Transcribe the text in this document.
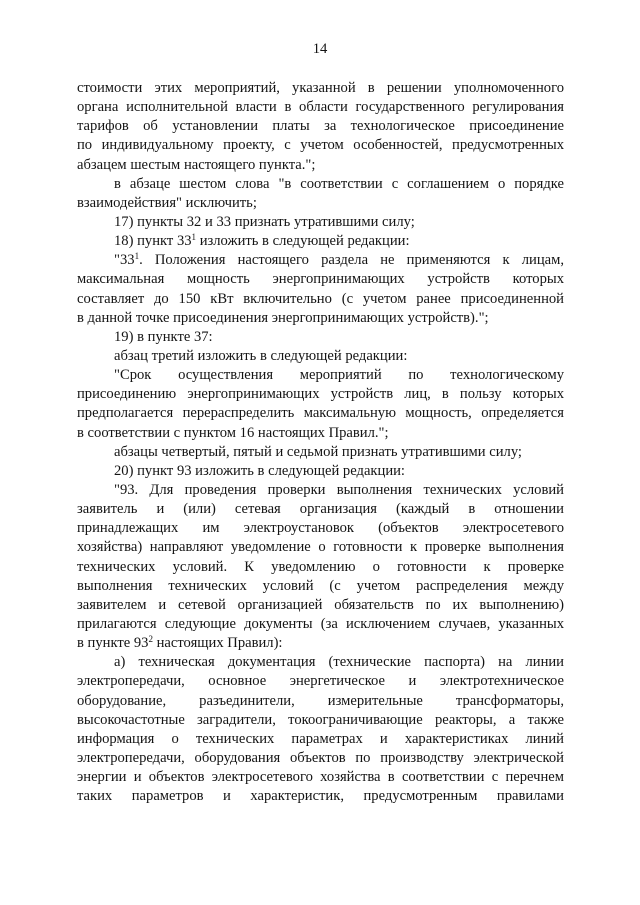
14
стоимости этих мероприятий, указанной в решении уполномоченного
органа исполнительной власти в области государственного регулирования
тарифов об установлении платы за технологическое присоединение
по индивидуальному проекту, с учетом особенностей, предусмотренных
абзацем шестым настоящего пункта.";
в абзаце шестом слова "в соответствии с соглашением о порядке
взаимодействия" исключить;
17) пункты 32 и 33 признать утратившими силу;
18) пункт $33^1$ изложить в следующей редакции:
"$33^1$. Положения настоящего раздела не применяются к лицам,
максимальная мощность энергопринимающих устройств которых
составляет до 150 кВт включительно (с учетом ранее присоединенной
в данной точке присоединения энергопринимающих устройств).";
19) в пункте 37:
абзац третий изложить в следующей редакции:
"Срок осуществления мероприятий по технологическому
присоединению энергопринимающих устройств лиц, в пользу которых
предполагается перераспределить максимальную мощность, определяется
в соответствии с пунктом 16 настоящих Правил.";
абзацы четвертый, пятый и седьмой признать утратившими силу;
20) пункт 93 изложить в следующей редакции:
"93. Для проведения проверки выполнения технических условий
заявитель и (или) сетевая организация (каждый в отношении
принадлежащих им электроустановок (объектов электросетевого
хозяйства) направляют уведомление о готовности к проверке выполнения
технических условий. К уведомлению о готовности к проверке
выполнения технических условий (с учетом распределения между
заявителем и сетевой организацией обязательств по их выполнению)
прилагаются следующие документы (за исключением случаев, указанных
в пункте $93^2$ настоящих Правил):
а) техническая документация (технические паспорта) на линии
электропередачи, основное энергетическое и электротехническое
оборудование, разъединители, измерительные трансформаторы,
высокочастотные заградители, токоограничивающие реакторы, а также
информация о технических параметрах и характеристиках линий
электропередачи, оборудования объектов по производству электрической
энергии и объектов электросетевого хозяйства в соответствии с перечнем
таких параметров и характеристик, предусмотренным правилами
